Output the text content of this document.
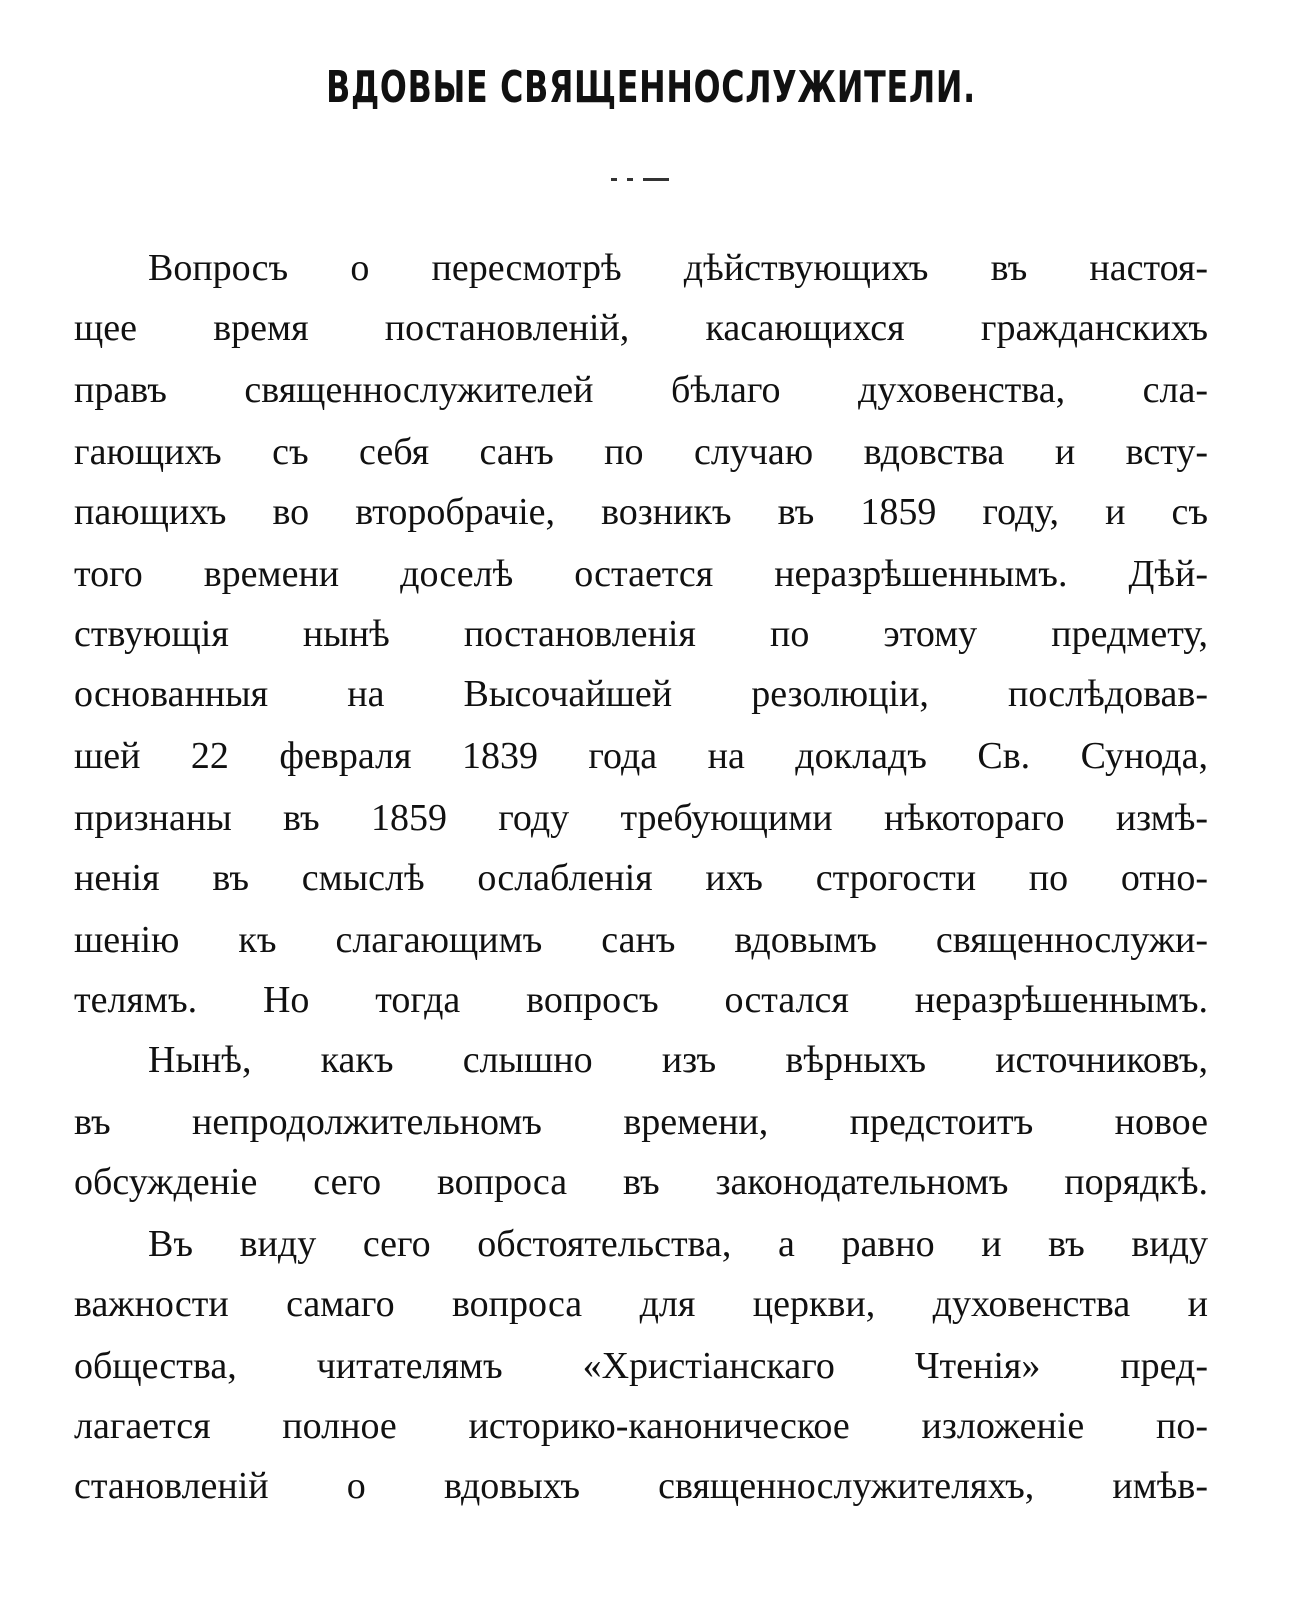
ВДОВЫЕ СВЯЩЕННОСЛУЖИТЕЛИ.
Вопросъ о пересмотрѣ дѣйствующихъ въ настоя-
щее время постановленій, касающихся гражданскихъ
правъ священнослужителей бѣлаго духовенства, сла-
гающихъ съ себя санъ по случаю вдовства и всту-
пающихъ во второбрачіе, возникъ въ 1859 году, и съ
того времени доселѣ остается неразрѣшеннымъ. Дѣй-
ствующія нынѣ постановленія по этому предмету,
основанныя на Высочайшей резолюціи, послѣдовав-
шей 22 февраля 1839 года на докладъ Св. Сунода,
признаны въ 1859 году требующими нѣкотораго измѣ-
ненія въ смыслѣ ослабленія ихъ строгости по отно-
шенію къ слагающимъ санъ вдовымъ священнослужи-
телямъ. Но тогда вопросъ остался неразрѣшеннымъ.
Нынѣ, какъ слышно изъ вѣрныхъ источниковъ,
въ непродолжительномъ времени, предстоитъ новое
обсужденіе сего вопроса въ законодательномъ порядкѣ.
Въ виду сего обстоятельства, а равно и въ виду
важности самаго вопроса для церкви, духовенства и
общества, читателямъ «Христіанскаго Чтенія» пред-
лагается полное историко-каноническое изложеніе по-
становленій о вдовыхъ священнослужителяхъ, имѣв-
